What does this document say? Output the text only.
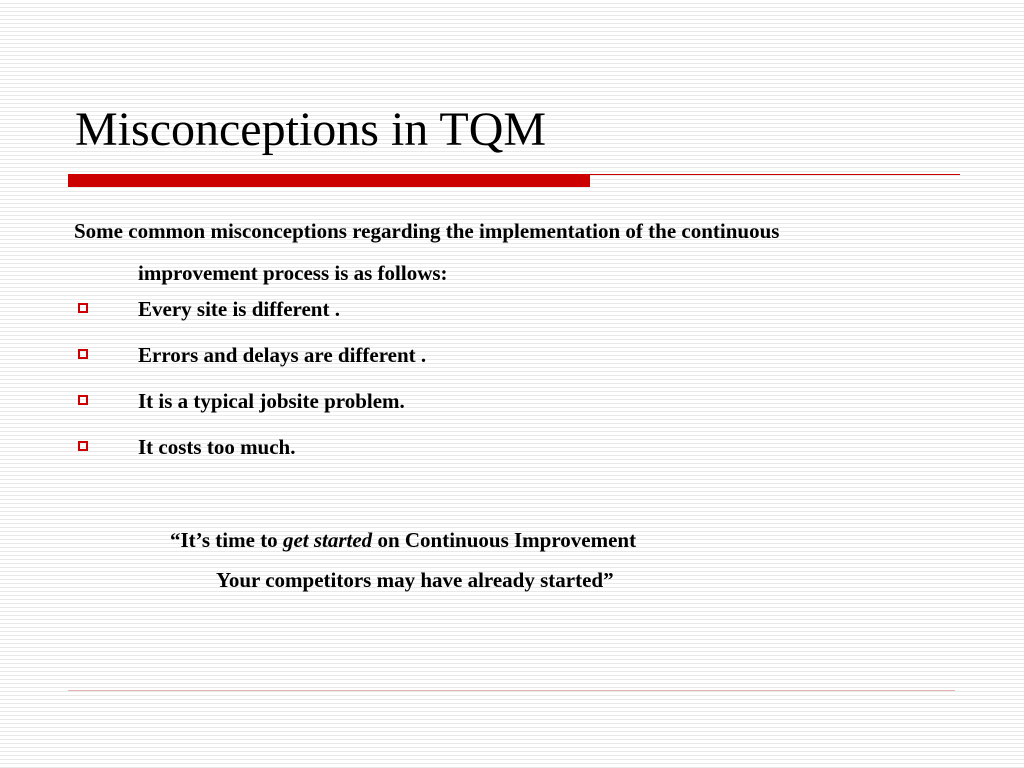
Misconceptions in TQM
Some common misconceptions regarding the implementation of the continuous
improvement process is as follows:
Every site is different .
Errors and delays are different .
It is a typical jobsite problem.
It costs too much.
“It’s time to get started on Continuous Improvement
Your competitors may have already started”
